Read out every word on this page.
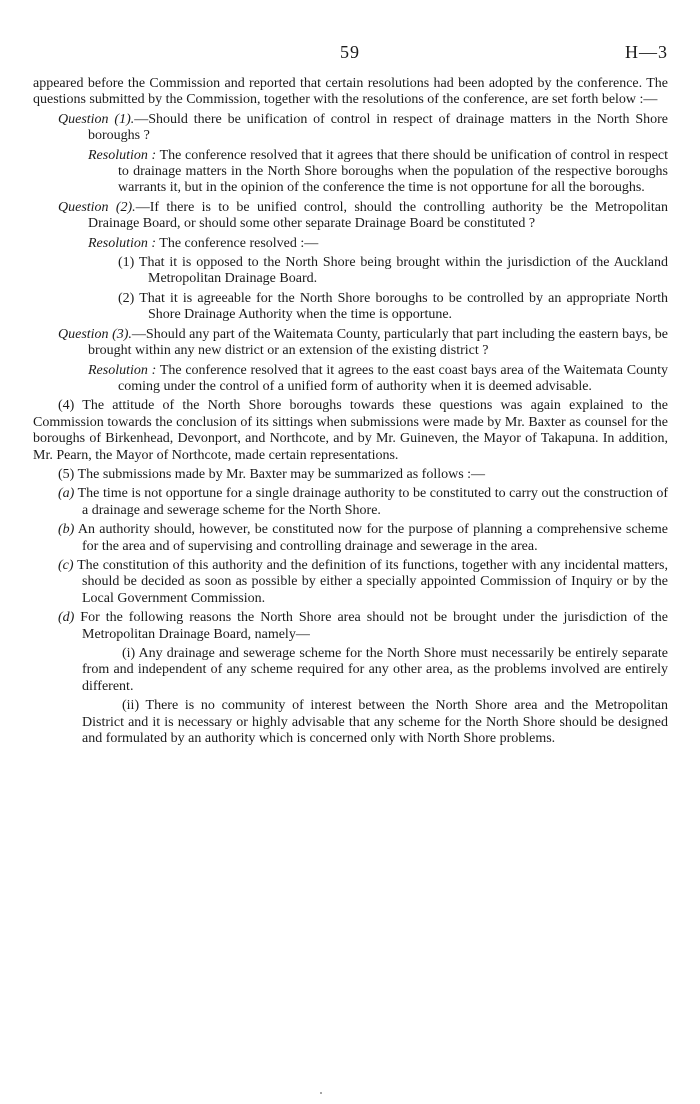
59	H—3

appeared before the Commission and reported that certain resolutions had been adopted by the conference. The questions submitted by the Commission, together with the resolutions of the conference, are set forth below :—

Question (1).—Should there be unification of control in respect of drainage matters in the North Shore boroughs ?

Resolution : The conference resolved that it agrees that there should be unification of control in respect to drainage matters in the North Shore boroughs when the population of the respective boroughs warrants it, but in the opinion of the conference the time is not opportune for all the boroughs.

Question (2).—If there is to be unified control, should the controlling authority be the Metropolitan Drainage Board, or should some other separate Drainage Board be constituted ?

Resolution : The conference resolved :—

(1) That it is opposed to the North Shore being brought within the jurisdiction of the Auckland Metropolitan Drainage Board.

(2) That it is agreeable for the North Shore boroughs to be controlled by an appropriate North Shore Drainage Authority when the time is opportune.

Question (3).—Should any part of the Waitemata County, particularly that part including the eastern bays, be brought within any new district or an extension of the existing district ?

Resolution : The conference resolved that it agrees to the east coast bays area of the Waitemata County coming under the control of a unified form of authority when it is deemed advisable.

(4) The attitude of the North Shore boroughs towards these questions was again explained to the Commission towards the conclusion of its sittings when submissions were made by Mr. Baxter as counsel for the boroughs of Birkenhead, Devonport, and Northcote, and by Mr. Guineven, the Mayor of Takapuna. In addition, Mr. Pearn, the Mayor of Northcote, made certain representations.

(5) The submissions made by Mr. Baxter may be summarized as follows :—

(a) The time is not opportune for a single drainage authority to be constituted to carry out the construction of a drainage and sewerage scheme for the North Shore.

(b) An authority should, however, be constituted now for the purpose of planning a comprehensive scheme for the area and of supervising and controlling drainage and sewerage in the area.

(c) The constitution of this authority and the definition of its functions, together with any incidental matters, should be decided as soon as possible by either a specially appointed Commission of Inquiry or by the Local Government Commission.

(d) For the following reasons the North Shore area should not be brought under the jurisdiction of the Metropolitan Drainage Board, namely—

(i) Any drainage and sewerage scheme for the North Shore must necessarily be entirely separate from and independent of any scheme required for any other area, as the problems involved are entirely different.

(ii) There is no community of interest between the North Shore area and the Metropolitan District and it is necessary or highly advisable that any scheme for the North Shore should be designed and formulated by an authority which is concerned only with North Shore problems.
